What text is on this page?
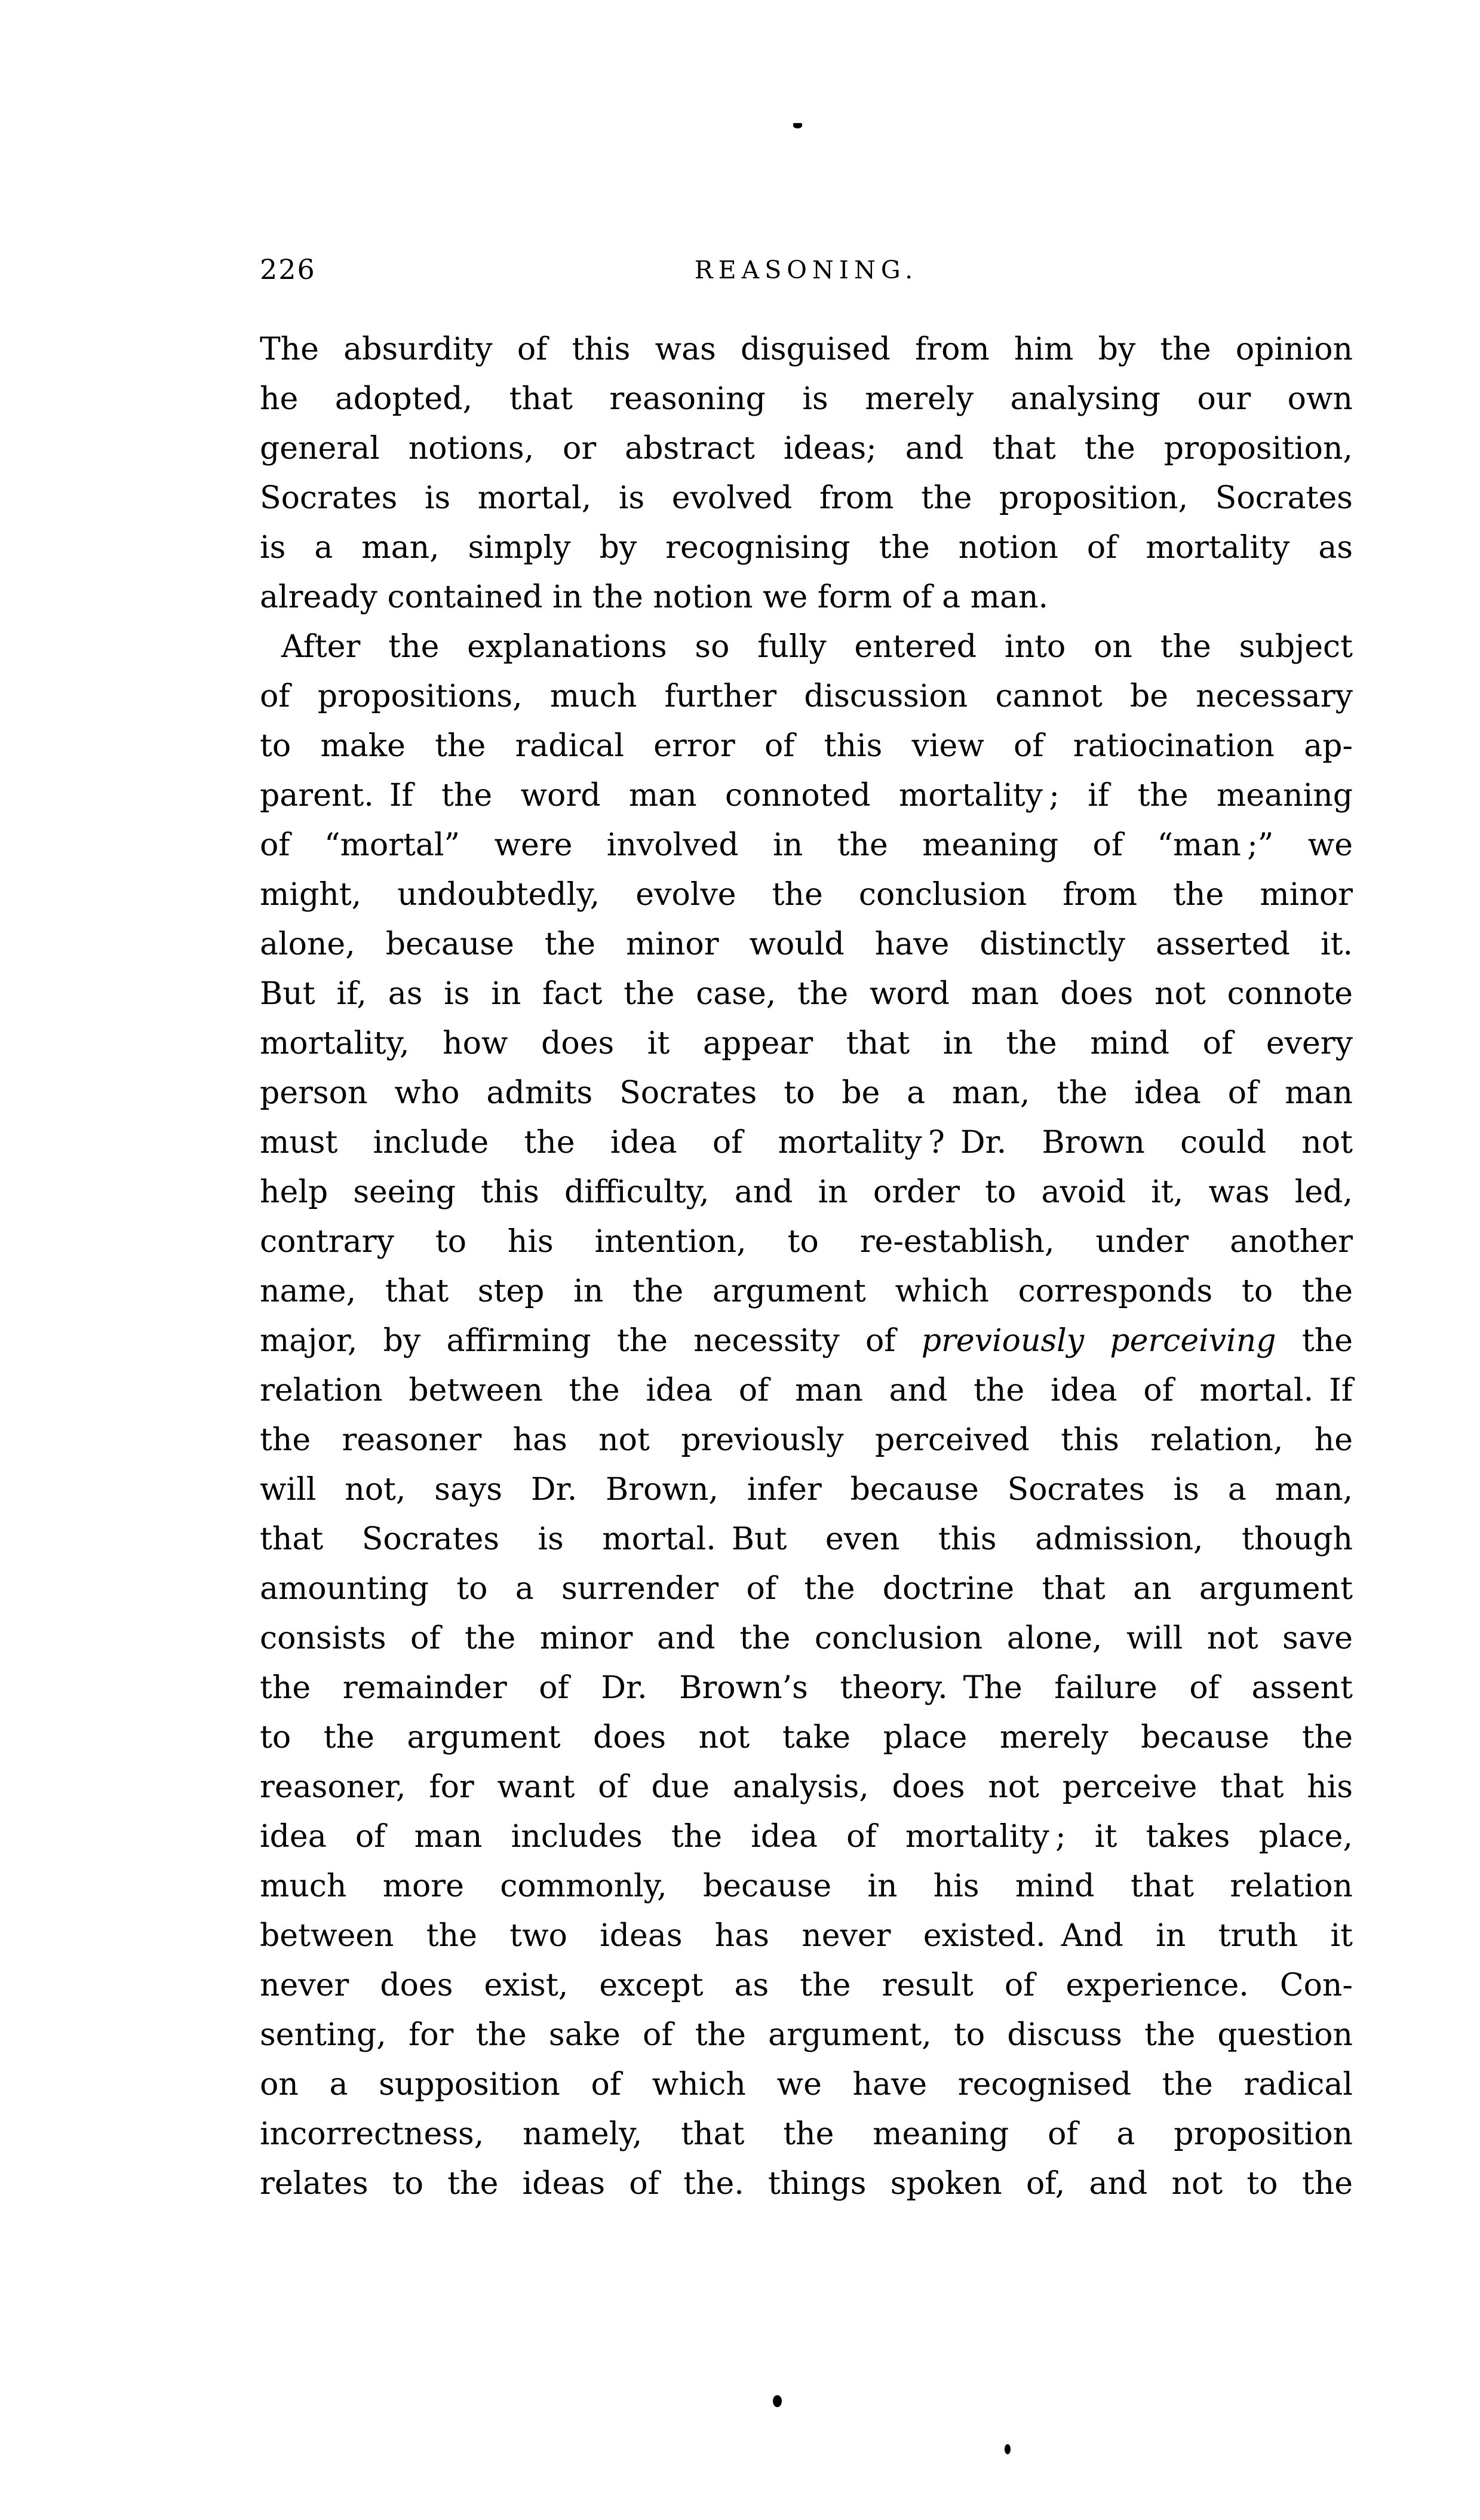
226	REASONING.
The absurdity of this was disguised from him by the opinion
he adopted, that reasoning is merely analysing our own
general notions, or abstract ideas; and that the proposition,
Socrates is mortal, is evolved from the proposition, Socrates
is a man, simply by recognising the notion of mortality as
already contained in the notion we form of a man.
After the explanations so fully entered into on the subject
of propositions, much further discussion cannot be necessary
to make the radical error of this view of ratiocination ap-
parent. If the word man connoted mortality ; if the meaning
of “mortal” were involved in the meaning of “man ;” we
might, undoubtedly, evolve the conclusion from the minor
alone, because the minor would have distinctly asserted it.
But if, as is in fact the case, the word man does not connote
mortality, how does it appear that in the mind of every
person who admits Socrates to be a man, the idea of man
must include the idea of mortality ? Dr. Brown could not
help seeing this difficulty, and in order to avoid it, was led,
contrary to his intention, to re-establish, under another
name, that step in the argument which corresponds to the
major, by affirming the necessity of previously perceiving the
relation between the idea of man and the idea of mortal. If
the reasoner has not previously perceived this relation, he
will not, says Dr. Brown, infer because Socrates is a man,
that Socrates is mortal. But even this admission, though
amounting to a surrender of the doctrine that an argument
consists of the minor and the conclusion alone, will not save
the remainder of Dr. Brown’s theory. The failure of assent
to the argument does not take place merely because the
reasoner, for want of due analysis, does not perceive that his
idea of man includes the idea of mortality ; it takes place,
much more commonly, because in his mind that relation
between the two ideas has never existed. And in truth it
never does exist, except as the result of experience.  Con-
senting, for the sake of the argument, to discuss the question
on a supposition of which we have recognised the radical
incorrectness, namely, that the meaning of a proposition
relates to the ideas of the. things spoken of, and not to the
